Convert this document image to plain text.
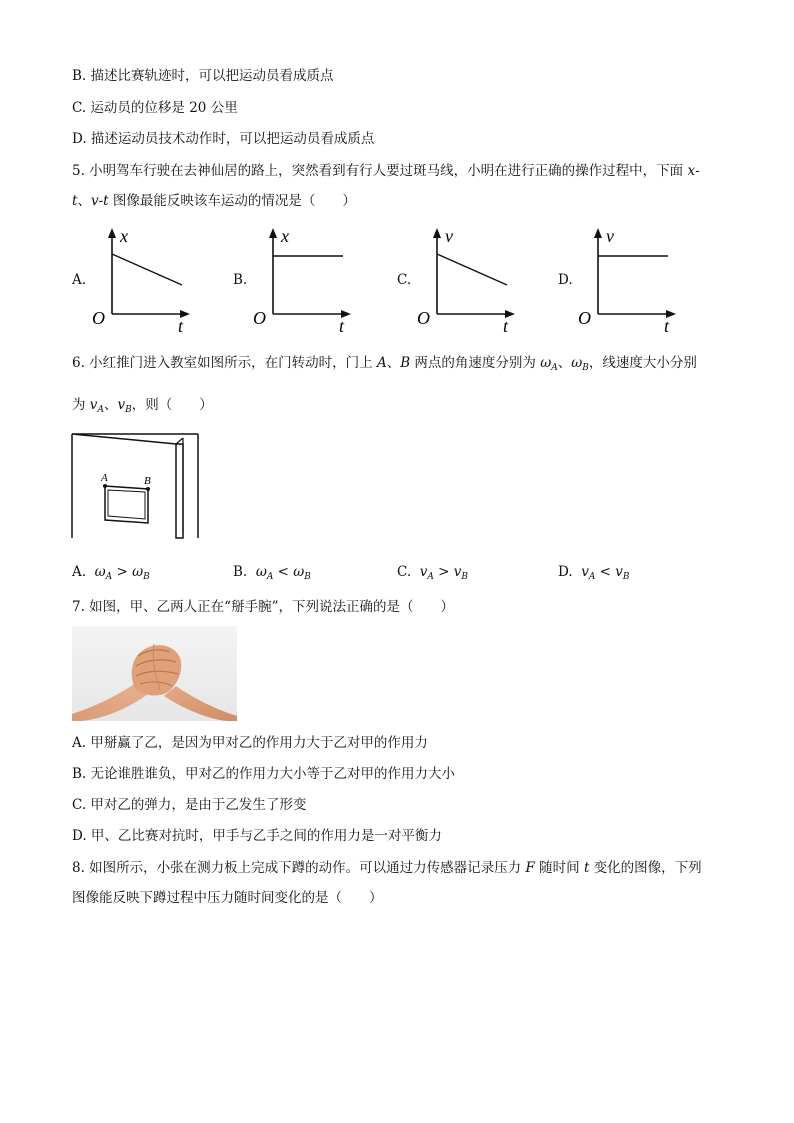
B. 描述比赛轨迹时，可以把运动员看成质点
C. 运动员的位移是 20 公里
D. 描述运动员技术动作时，可以把运动员看成质点
5. 小明驾车行驶在去神仙居的路上，突然看到有行人要过斑马线，小明在进行正确的操作过程中，下面 x-
t、v-t 图像最能反映该车运动的情况是（　　）
A.
x
t
O
B.
x
t
O
C.
v
t
O
D.
v
t
O
6. 小红推门进入教室如图所示，在门转动时，门上 A、B 两点的角速度分别为 $\omega_A$、$\omega_B$，线速度大小分别
为 $v_A$、$v_B$，则（　　）
A	B
A. $\omega_A > \omega_B$	B. $\omega_A < \omega_B$	C. $v_A > v_B$	D. $v_A < v_B$
7. 如图，甲、乙两人正在“掰手腕”，下列说法正确的是（　　）
A. 甲掰赢了乙，是因为甲对乙的作用力大于乙对甲的作用力
B. 无论谁胜谁负，甲对乙的作用力大小等于乙对甲的作用力大小
C. 甲对乙的弹力，是由于乙发生了形变
D. 甲、乙比赛对抗时，甲手与乙手之间的作用力是一对平衡力
8. 如图所示，小张在测力板上完成下蹲的动作。可以通过力传感器记录压力 F 随时间 t 变化的图像，下列
图像能反映下蹲过程中压力随时间变化的是（　　）
